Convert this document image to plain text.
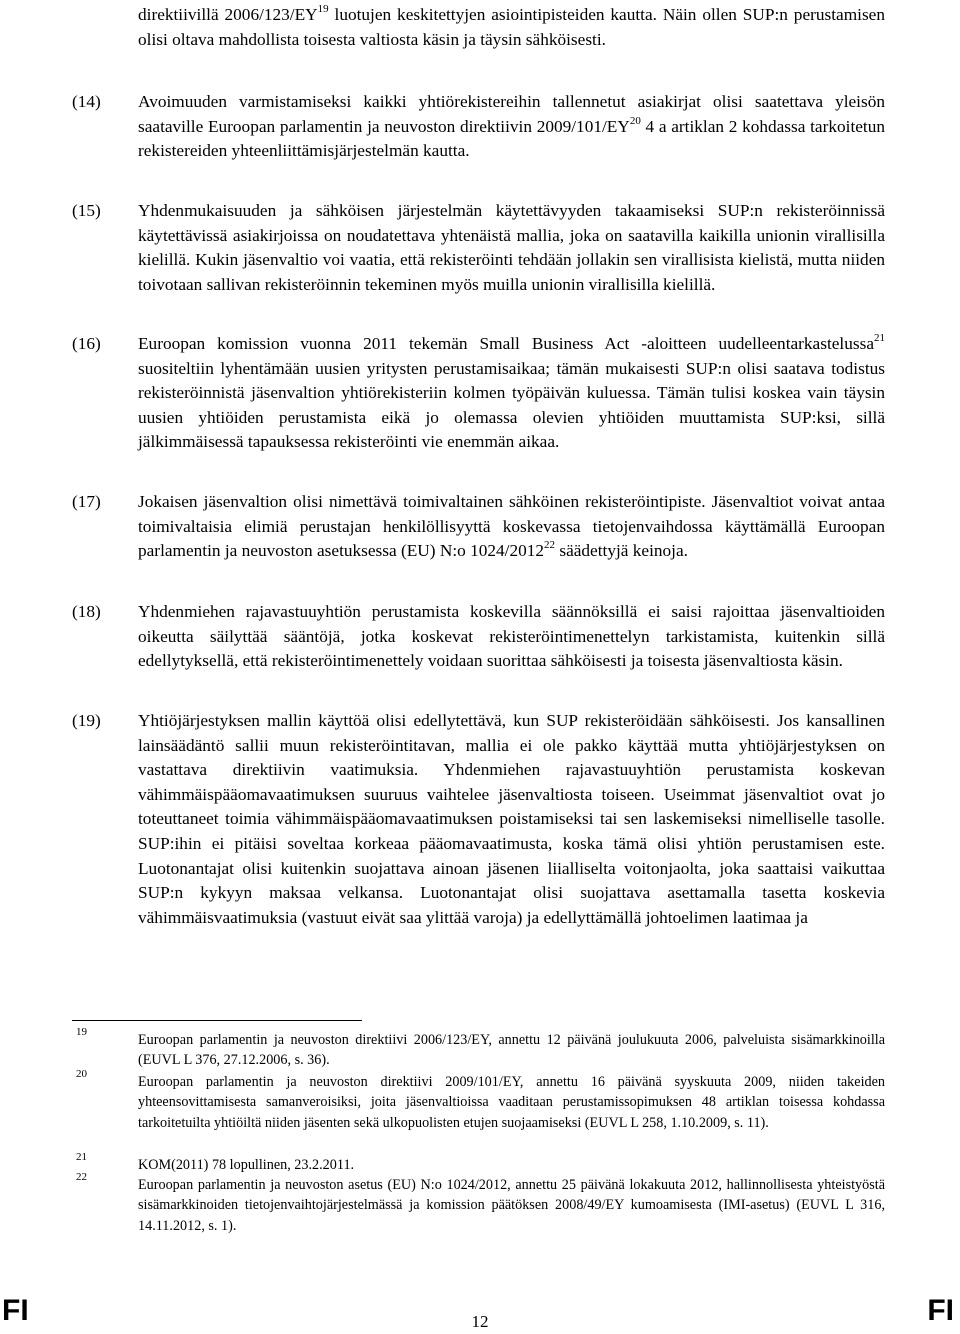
direktiivillä 2006/123/EY$^{19}$ luotujen keskitettyjen asiointipisteiden kautta. Näin ollen SUP:n perustamisen olisi oltava mahdollista toisesta valtiosta käsin ja täysin sähköisesti.
(14)	Avoimuuden varmistamiseksi kaikki yhtiörekistereihin tallennetut asiakirjat olisi saatettava yleisön saataville Euroopan parlamentin ja neuvoston direktiivin 2009/101/EY$^{20}$ 4 a artiklan 2 kohdassa tarkoitetun rekistereiden yhteenliittämisjärjestelmän kautta.
(15)	Yhdenmukaisuuden ja sähköisen järjestelmän käytettävyyden takaamiseksi SUP:n rekisteröinnissä käytettävissä asiakirjoissa on noudatettava yhtenäistä mallia, joka on saatavilla kaikilla unionin virallisilla kielillä. Kukin jäsenvaltio voi vaatia, että rekisteröinti tehdään jollakin sen virallisista kielistä, mutta niiden toivotaan sallivan rekisteröinnin tekeminen myös muilla unionin virallisilla kielillä.
(16)	Euroopan komission vuonna 2011 tekemän Small Business Act -aloitteen uudelleentarkastelussa$^{21}$ suositeltiin lyhentämään uusien yritysten perustamisaikaa; tämän mukaisesti SUP:n olisi saatava todistus rekisteröinnistä jäsenvaltion yhtiörekisteriin kolmen työpäivän kuluessa. Tämän tulisi koskea vain täysin uusien yhtiöiden perustamista eikä jo olemassa olevien yhtiöiden muuttamista SUP:ksi, sillä jälkimmäisessä tapauksessa rekisteröinti vie enemmän aikaa.
(17)	Jokaisen jäsenvaltion olisi nimettävä toimivaltainen sähköinen rekisteröintipiste. Jäsenvaltiot voivat antaa toimivaltaisia elimiä perustajan henkilöllisyyttä koskevassa tietojenvaihdossa käyttämällä Euroopan parlamentin ja neuvoston asetuksessa (EU) N:o 1024/2012$^{22}$ säädettyjä keinoja.
(18)	Yhdenmiehen rajavastuuyhtiön perustamista koskevilla säännöksillä ei saisi rajoittaa jäsenvaltioiden oikeutta säilyttää sääntöjä, jotka koskevat rekisteröintimenettelyn tarkistamista, kuitenkin sillä edellytyksellä, että rekisteröintimenettely voidaan suorittaa sähköisesti ja toisesta jäsenvaltiosta käsin.
(19)	Yhtiöjärjestyksen mallin käyttöä olisi edellytettävä, kun SUP rekisteröidään sähköisesti. Jos kansallinen lainsäädäntö sallii muun rekisteröintitavan, mallia ei ole pakko käyttää mutta yhtiöjärjestyksen on vastattava direktiivin vaatimuksia. Yhdenmiehen rajavastuuyhtiön perustamista koskevan vähimmäispääomavaatimuksen suuruus vaihtelee jäsenvaltiosta toiseen. Useimmat jäsenvaltiot ovat jo toteuttaneet toimia vähimmäispääomavaatimuksen poistamiseksi tai sen laskemiseksi nimelliselle tasolle. SUP:ihin ei pitäisi soveltaa korkeaa pääomavaatimusta, koska tämä olisi yhtiön perustamisen este. Luotonantajat olisi kuitenkin suojattava ainoan jäsenen liialliselta voitonjaolta, joka saattaisi vaikuttaa SUP:n kykyyn maksaa velkansa. Luotonantajat olisi suojattava asettamalla tasetta koskevia vähimmäisvaatimuksia (vastuut eivät saa ylittää varoja) ja edellyttämällä johtoelimen laatimaa ja
19	Euroopan parlamentin ja neuvoston direktiivi 2006/123/EY, annettu 12 päivänä joulukuuta 2006, palveluista sisämarkkinoilla (EUVL L 376, 27.12.2006, s. 36).
20	Euroopan parlamentin ja neuvoston direktiivi 2009/101/EY, annettu 16 päivänä syyskuuta 2009, niiden takeiden yhteensovittamisesta samanveroisiksi, joita jäsenvaltioissa vaaditaan perustamissopimuksen 48 artiklan toisessa kohdassa tarkoitetuilta yhtiöiltä niiden jäsenten sekä ulkopuolisten etujen suojaamiseksi (EUVL L 258, 1.10.2009, s. 11).
21	KOM(2011) 78 lopullinen, 23.2.2011.
22	Euroopan parlamentin ja neuvoston asetus (EU) N:o 1024/2012, annettu 25 päivänä lokakuuta 2012, hallinnollisesta yhteistyöstä sisämarkkinoiden tietojenvaihtojärjestelmässä ja komission päätöksen 2008/49/EY kumoamisesta (IMI-asetus) (EUVL L 316, 14.11.2012, s. 1).
FI	12	FI
